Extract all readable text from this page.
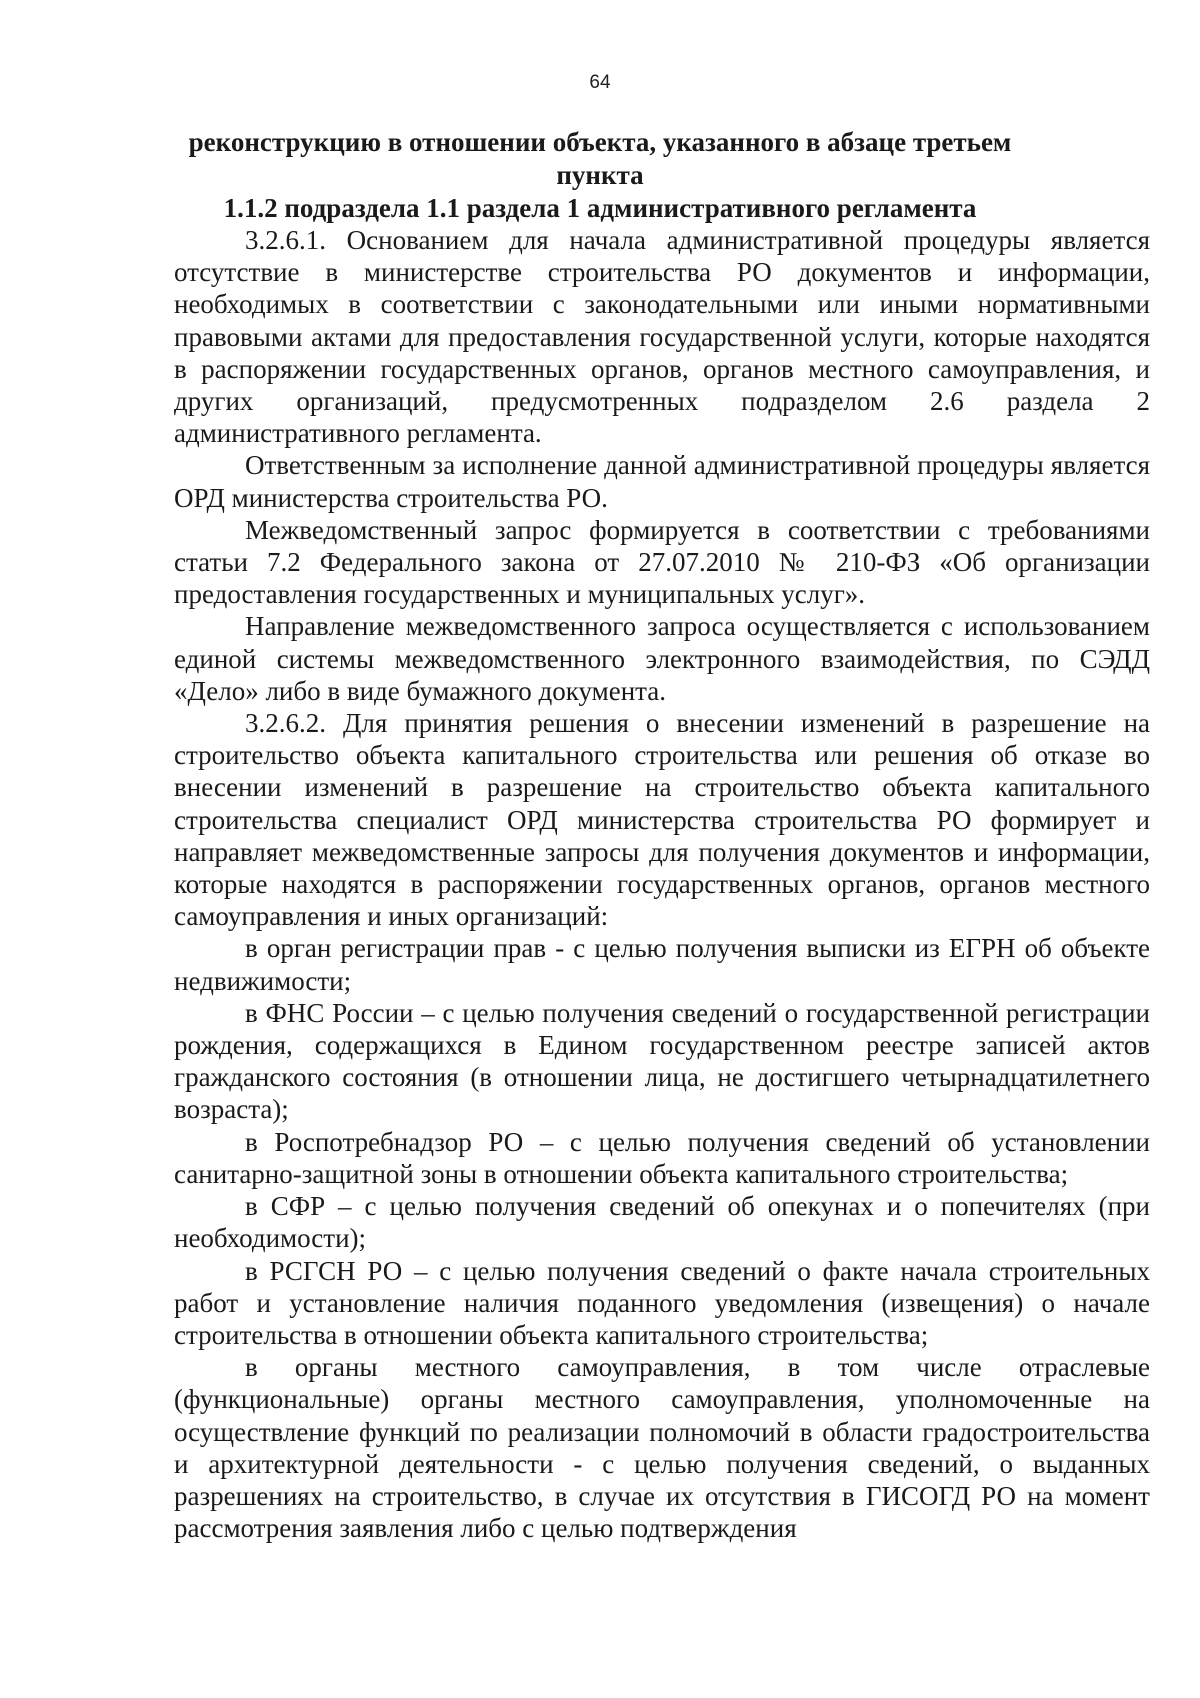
64
реконструкцию в отношении объекта, указанного в абзаце третьем пункта
1.1.2 подраздела 1.1 раздела 1 административного регламента

3.2.6.1. Основанием для начала административной процедуры является отсутствие в министерстве строительства РО документов и информации, необходимых в соответствии с законодательными или иными нормативными правовыми актами для предоставления государственной услуги, которые находятся в распоряжении государственных органов, органов местного самоуправления, и других организаций, предусмотренных подразделом 2.6 раздела 2 административного регламента.

Ответственным за исполнение данной административной процедуры является ОРД министерства строительства РО.

Межведомственный запрос формируется в соответствии с требованиями статьи 7.2 Федерального закона от 27.07.2010 № 210-ФЗ «Об организации предоставления государственных и муниципальных услуг».

Направление межведомственного запроса осуществляется с использованием единой системы межведомственного электронного взаимодействия, по СЭДД «Дело» либо в виде бумажного документа.

3.2.6.2. Для принятия решения о внесении изменений в разрешение на строительство объекта капитального строительства или решения об отказе во внесении изменений в разрешение на строительство объекта капитального строительства специалист ОРД министерства строительства РО формирует и направляет межведомственные запросы для получения документов и информации, которые находятся в распоряжении государственных органов, органов местного самоуправления и иных организаций:

в орган регистрации прав - с целью получения выписки из ЕГРН об объекте недвижимости;

в ФНС России – с целью получения сведений о государственной регистрации рождения, содержащихся в Едином государственном реестре записей актов гражданского состояния (в отношении лица, не достигшего четырнадцатилетнего возраста);

в Роспотребнадзор РО – с целью получения сведений об установлении санитарно-защитной зоны в отношении объекта капитального строительства;

в СФР – с целью получения сведений об опекунах и о попечителях (при необходимости);

в РСГСН РО – с целью получения сведений о факте начала строительных работ и установление наличия поданного уведомления (извещения) о начале строительства в отношении объекта капитального строительства;

в органы местного самоуправления, в том числе отраслевые (функциональные) органы местного самоуправления, уполномоченные на осуществление функций по реализации полномочий в области градостроительства и архитектурной деятельности - с целью получения сведений, о выданных разрешениях на строительство, в случае их отсутствия в ГИСОГД РО на момент рассмотрения заявления либо с целью подтверждения
